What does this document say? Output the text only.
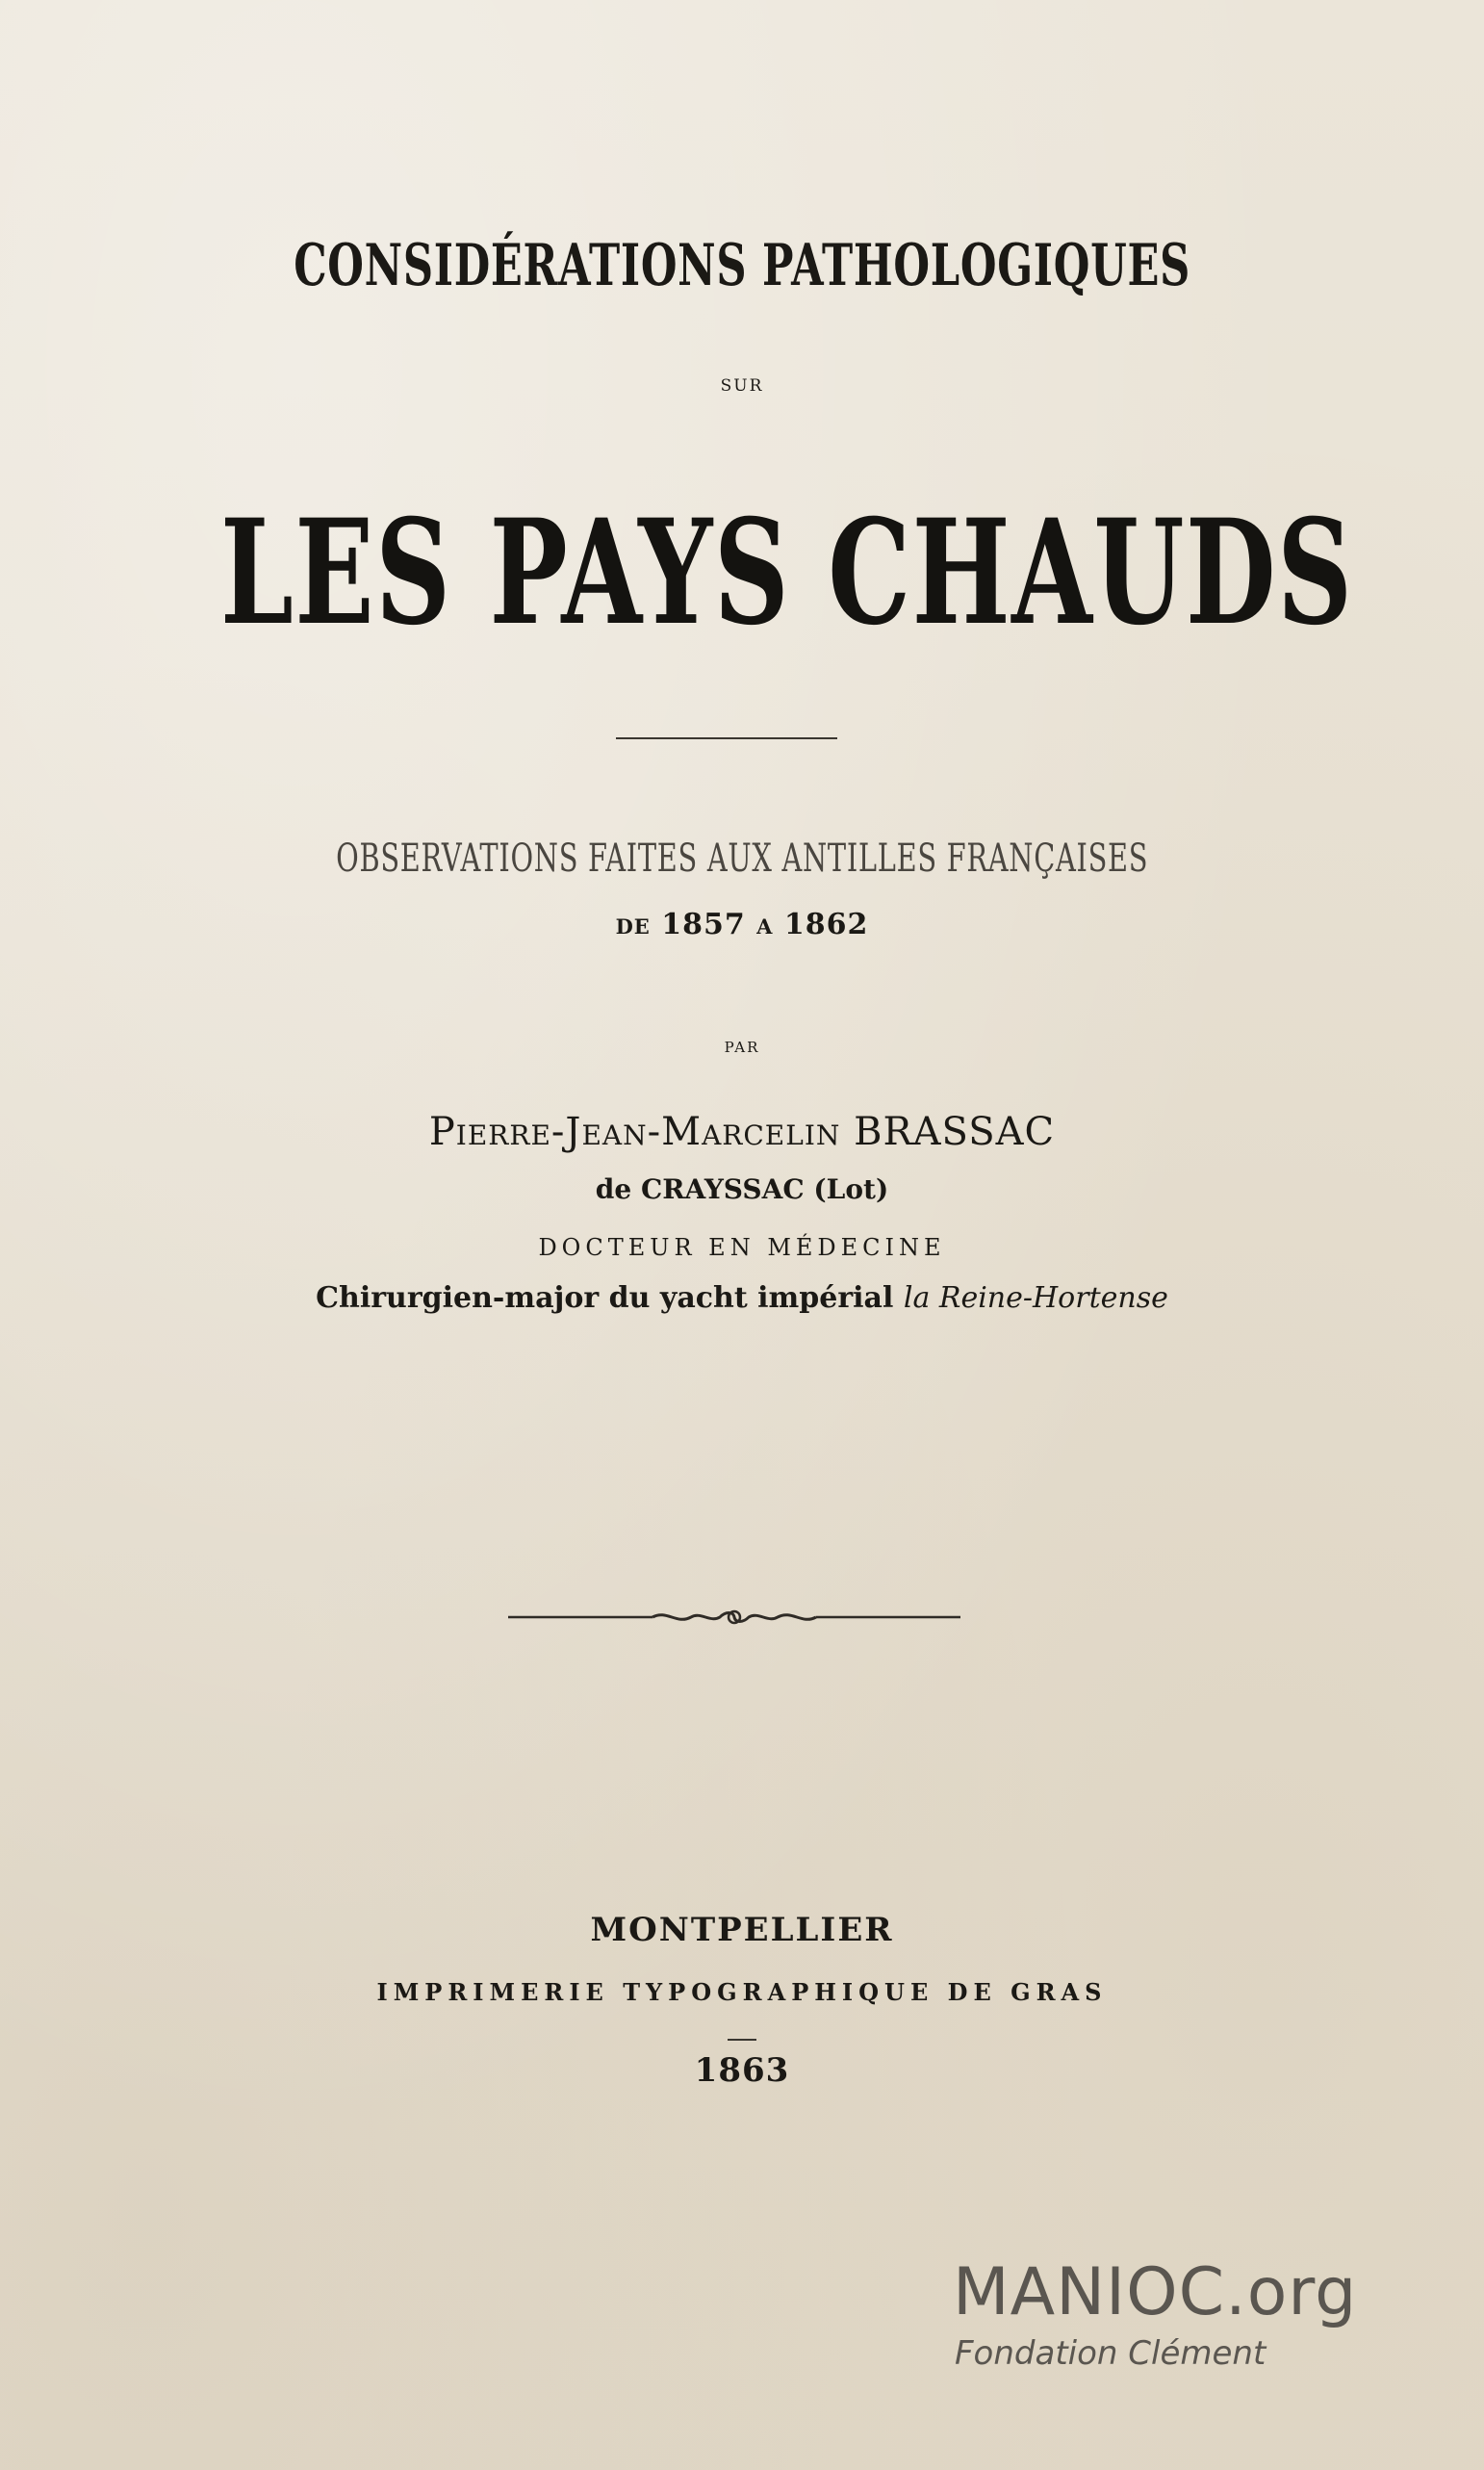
CONSIDÉRATIONS PATHOLOGIQUES
sur
LES PAYS CHAUDS
OBSERVATIONS FAITES AUX ANTILLES FRANÇAISES
de 1857 a 1862
par
Pierre-Jean-Marcelin BRASSAC
de CRAYSSAC (Lot)
DOCTEUR EN MÉDECINE
Chirurgien-major du yacht impérial la Reine-Hortense
MONTPELLIER
IMPRIMERIE TYPOGRAPHIQUE DE GRAS
1863
MANIOC.org
Fondation Clément
